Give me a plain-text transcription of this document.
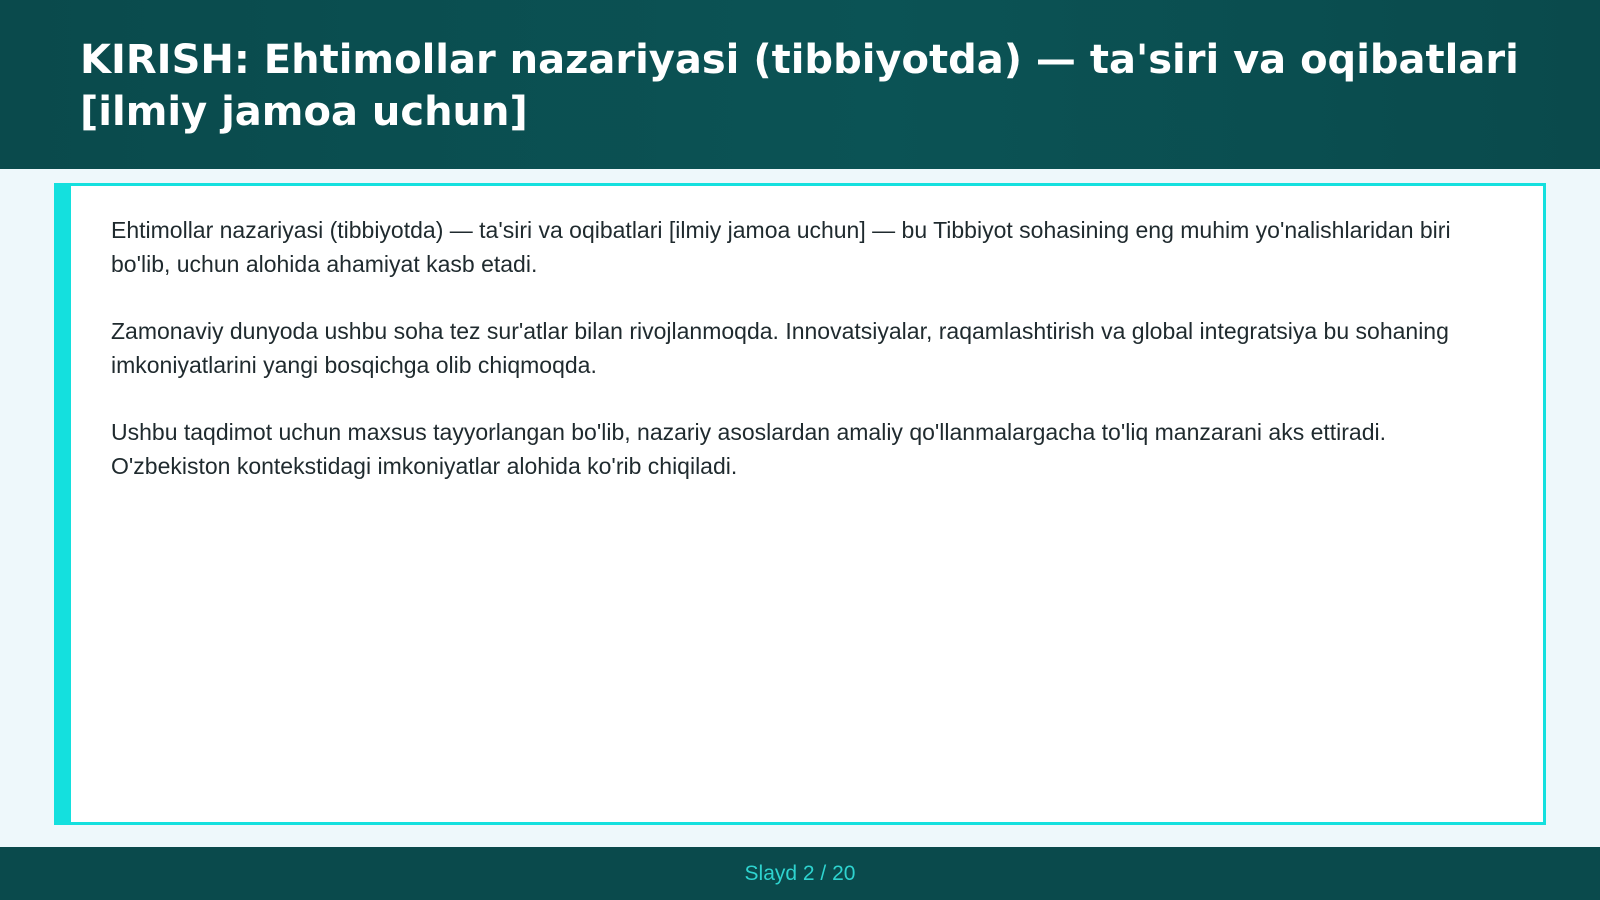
KIRISH: Ehtimollar nazariyasi (tibbiyotda) — ta'siri va oqibatlari [ilmiy jamoa uchun]

Ehtimollar nazariyasi (tibbiyotda) — ta'siri va oqibatlari [ilmiy jamoa uchun] — bu Tibbiyot sohasining eng muhim yo'nalishlaridan biri bo'lib, uchun alohida ahamiyat kasb etadi.

Zamonaviy dunyoda ushbu soha tez sur'atlar bilan rivojlanmoqda. Innovatsiyalar, raqamlashtirish va global integratsiya bu sohaning imkoniyatlarini yangi bosqichga olib chiqmoqda.

Ushbu taqdimot uchun maxsus tayyorlangan bo'lib, nazariy asoslardan amaliy qo'llanmalargacha to'liq manzarani aks ettiradi. O'zbekiston kontekstidagi imkoniyatlar alohida ko'rib chiqiladi.

Slayd 2 / 20
